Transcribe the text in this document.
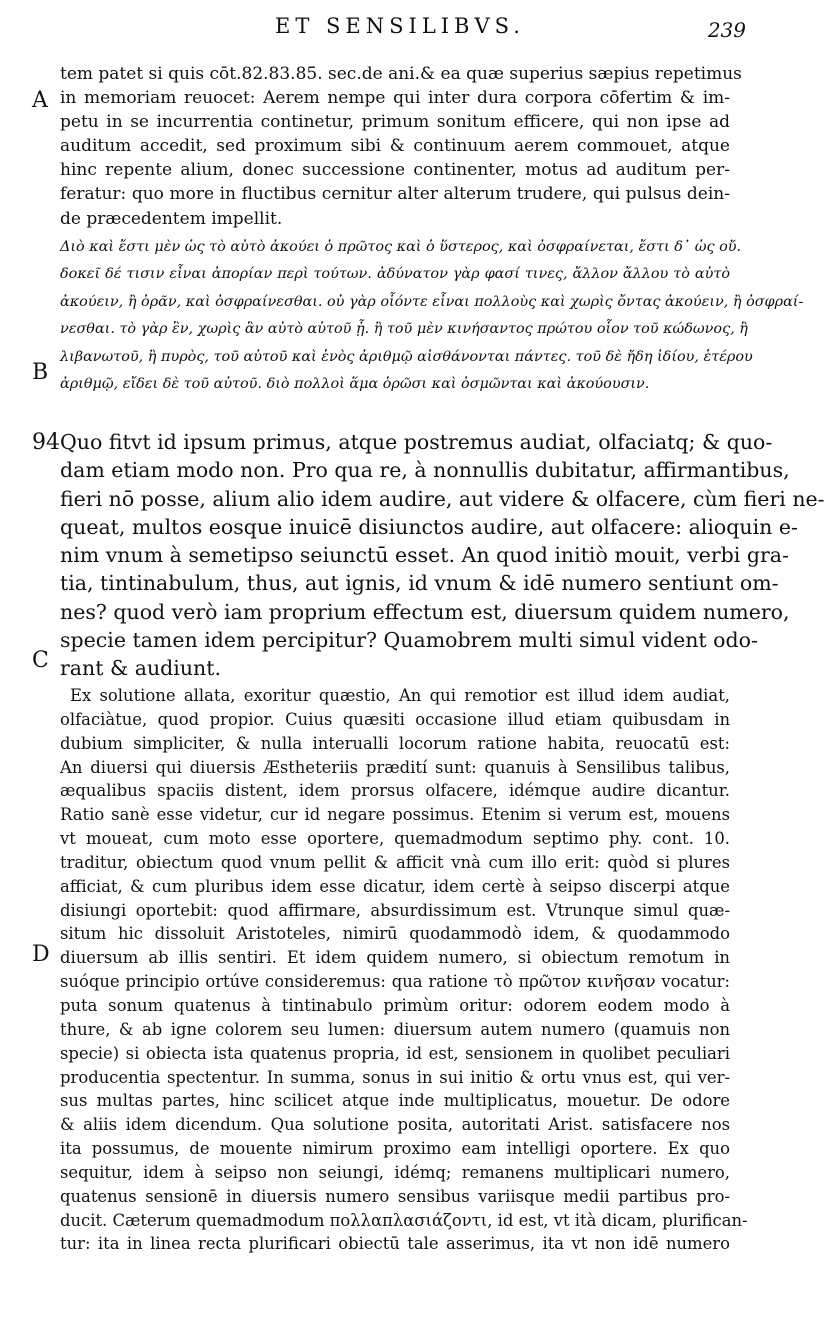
ET SENSILIBVS.	239
A
B
94
C
D
tem patet si quis cōt.82.83.85. sec.de ani.& ea quæ superius sæpius repetimus
in memoriam reuocet: Aerem nempe qui inter dura corpora cōfertim & im-
petu in se incurrentia continetur, primum sonitum efficere, qui non ipse ad
auditum accedit, sed proximum sibi & continuum aerem commouet, atque
hinc repente alium, donec successione continenter, motus ad auditum per-
feratur: quo more in fluctibus cernitur alter alterum trudere, qui pulsus dein-
de præcedentem impellit.
Διὸ καὶ ἔστι μὲν ὡς τὸ αὐτὸ ἀκούει ὁ πρῶτος καὶ ὁ ὕστερος, καὶ ὀσφραίνεται, ἔστι δ᾽ ὡς οὔ.
δοκεῖ δέ τισιν εἶναι ἀπορίαν περὶ τούτων. ἀδύνατον γὰρ φασί τινες, ἄλλον ἄλλου τὸ αὐτὸ
ἀκούειν, ἢ ὁρᾶν, καὶ ὀσφραίνεσθαι. οὐ γὰρ οἷόντε εἶναι πολλοὺς καὶ χωρὶς ὄντας ἀκούειν, ἢ ὀσφραί-
νεσθαι. τὸ γὰρ ἓν, χωρὶς ἂν αὐτὸ αὑτοῦ ᾖ. ἢ τοῦ μὲν κινήσαντος πρώτου οἷον τοῦ κώδωνος, ἢ
λιβανωτοῦ, ἢ πυρὸς, τοῦ αὐτοῦ καὶ ἑνὸς ἀριθμῷ αἰσθάνονται πάντες. τοῦ δὲ ἤδη ἰδίου, ἑτέρου
ἀριθμῷ, εἴδει δὲ τοῦ αὐτοῦ. διὸ πολλοὶ ἅμα ὁρῶσι καὶ ὀσμῶνται καὶ ἀκούουσιν.
Quo fitvt id ipsum primus, atque postremus audiat, olfaciatq; & quo-
dam etiam modo non. Pro qua re, à nonnullis dubitatur, affirmantibus,
fieri nō posse, alium alio idem audire, aut videre & olfacere, cùm fieri ne-
queat, multos eosque inuicē disiunctos audire, aut olfacere: alioquin e-
nim vnum à semetipso seiunctū esset. An quod initiò mouit, verbi gra-
tia, tintinabulum, thus, aut ignis, id vnum & idē numero sentiunt om-
nes? quod verò iam proprium effectum est, diuersum quidem numero,
specie tamen idem percipitur? Quamobrem multi simul vident odo-
rant & audiunt.
Ex solutione allata, exoritur quæstio, An qui remotior est illud idem audiat,
olfaciàtue, quod propior. Cuius quæsiti occasione illud etiam quibusdam in
dubium simpliciter, & nulla interualli locorum ratione habita, reuocatū est:
An diuersi qui diuersis Æstheteriis prædití sunt: quanuis à Sensilibus talibus,
æqualibus spaciis distent, idem prorsus olfacere, idémque audire dicantur.
Ratio sanè esse videtur, cur id negare possimus. Etenim si verum est, mouens
vt moueat, cum moto esse oportere, quemadmodum septimo phy. cont. 10.
traditur, obiectum quod vnum pellit & afficit vnà cum illo erit: quòd si plures
afficiat, & cum pluribus idem esse dicatur, idem certè à seipso discerpi atque
disiungi oportebit: quod affirmare, absurdissimum est. Vtrunque simul quæ-
situm hic dissoluit Aristoteles, nimirū quodammodò idem, & quodammodo
diuersum ab illis sentiri. Et idem quidem numero, si obiectum remotum in
suóque principio ortúve consideremus: qua ratione τὸ πρῶτον κινῆσαν vocatur:
puta sonum quatenus à tintinabulo primùm oritur: odorem eodem modo à
thure, & ab igne colorem seu lumen: diuersum autem numero (quamuis non
specie) si obiecta ista quatenus propria, id est, sensionem in quolibet peculiari
producentia spectentur. In summa, sonus in sui initio & ortu vnus est, qui ver-
sus multas partes, hinc scilicet atque inde multiplicatus, mouetur. De odore
& aliis idem dicendum. Qua solutione posita, autoritati Arist. satisfacere nos
ita possumus, de mouente nimirum proximo eam intelligi oportere. Ex quo
sequitur, idem à seipso non seiungi, idémq; remanens multiplicari numero,
quatenus sensionē in diuersis numero sensibus variisque medii partibus pro-
ducit. Cæterum quemadmodum πολλαπλασιάζοντι, id est, vt ità dicam, plurifican-
tur: ita in linea recta plurificari obiectū tale asserimus, ita vt non idē numero
